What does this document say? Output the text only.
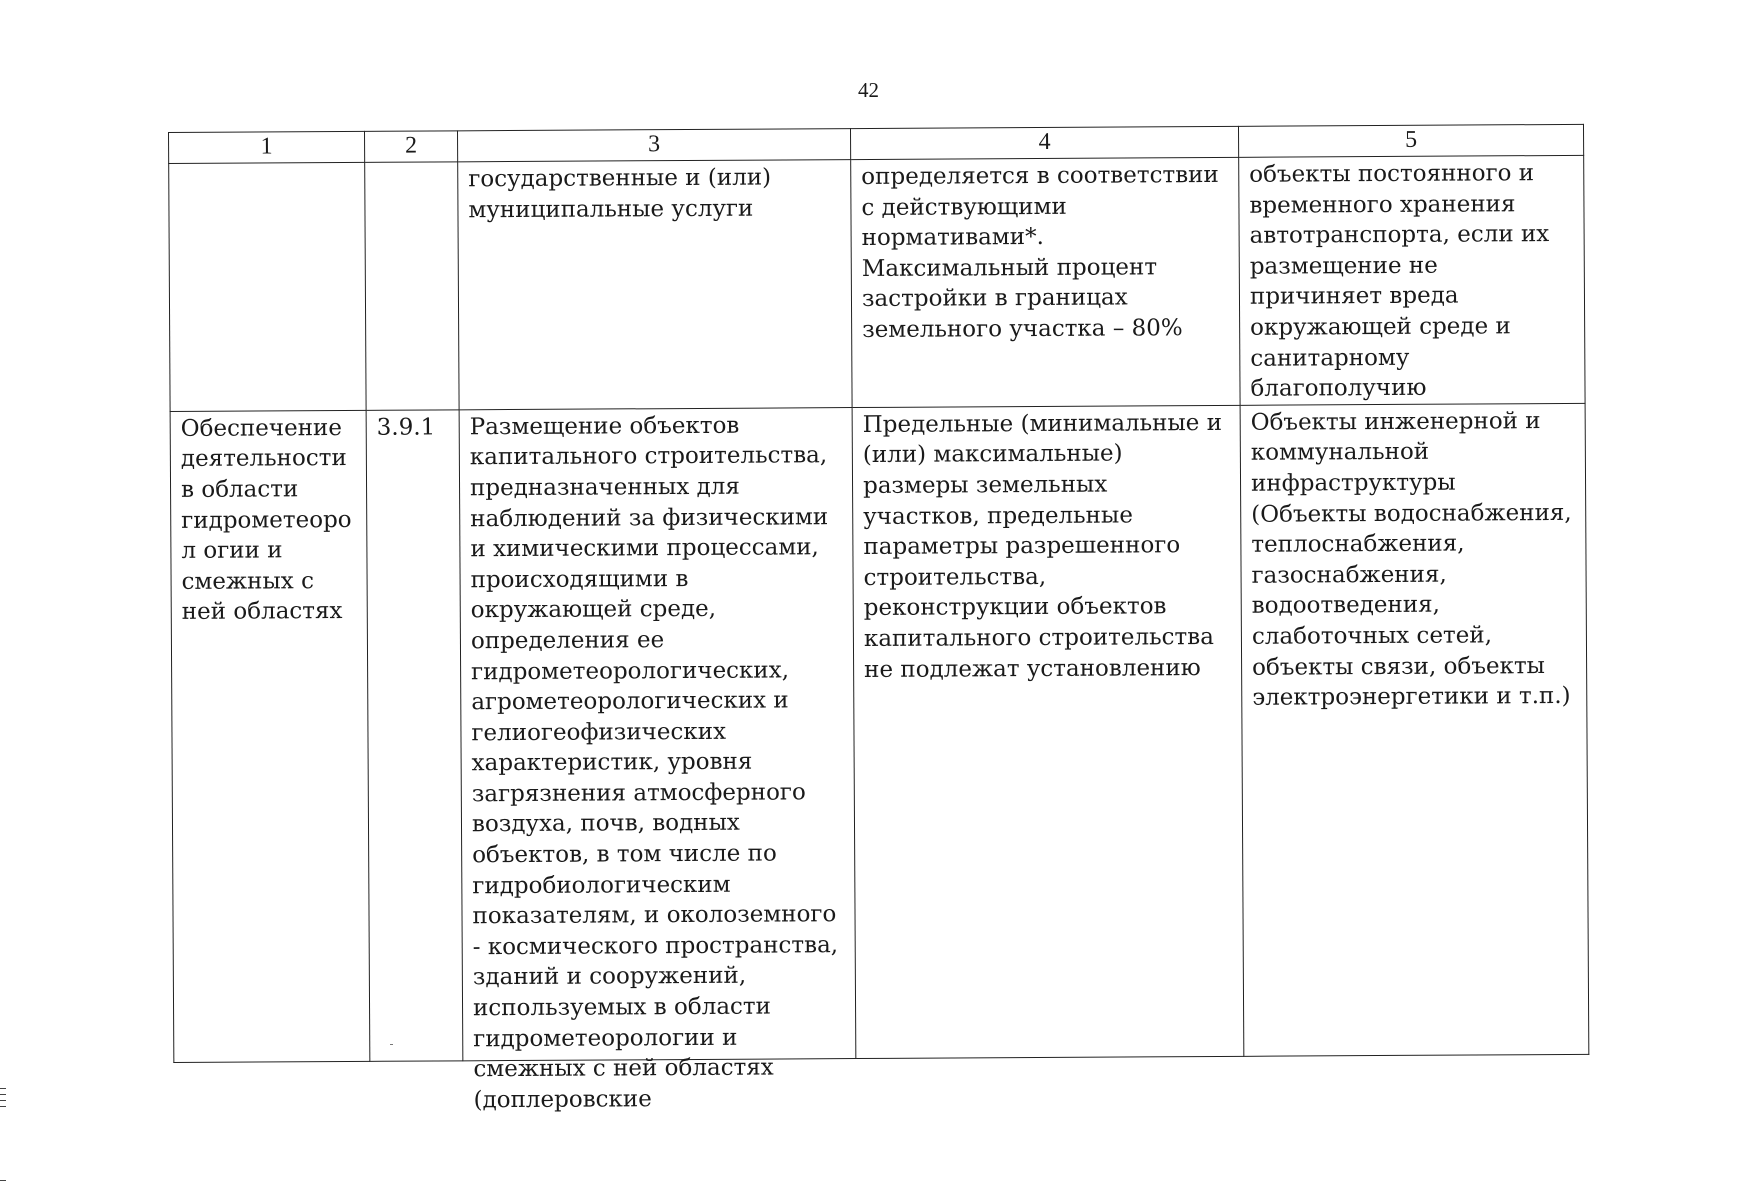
42
1	2	3	4	5
		государственные и (или) муниципальные услуги	определяется в соответствии с действующими нормативами*. Максимальный процент застройки в границах земельного участка – 80%	объекты постоянного и временного хранения автотранспорта, если их размещение не причиняет вреда окружающей среде и санитарному благополучию

Обеспечение деятельности в области гидрометеорол огии и смежных с ней областях	3.9.1	Размещение объектов капитального строительства, предназначенных для наблюдений за физическими и химическими процессами, происходящими в окружающей среде, определения ее гидрометеорологических, агрометеорологических и гелиогеофизических характеристик, уровня загрязнения атмосферного воздуха, почв, водных объектов, в том числе по гидробиологическим показателям, и околоземного - космического пространства, зданий и сооружений, используемых в области гидрометеорологии и смежных с ней областях (доплеровские	Предельные (минимальные и (или) максимальные) размеры земельных участков, предельные параметры разрешенного строительства, реконструкции объектов капитального строительства не подлежат установлению	Объекты инженерной и коммунальной инфраструктуры (Объекты водоснабжения, теплоснабжения, газоснабжения, водоотведения, слаботочных сетей, объекты связи, объекты электроэнергетики и т.п.)
